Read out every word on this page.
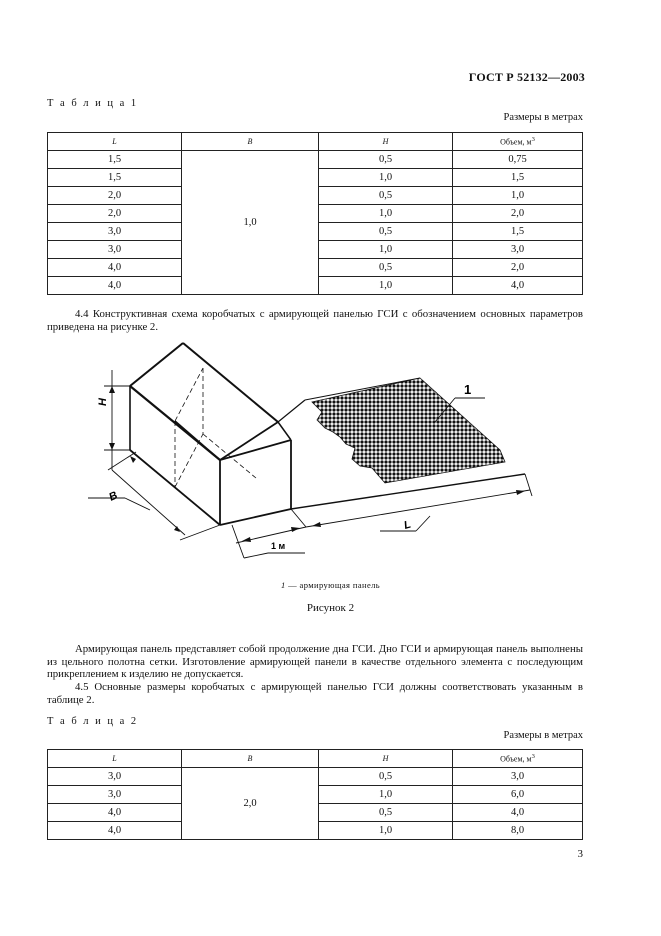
ГОСТ Р 52132—2003
Т а б л и ц а 1
Размеры в метрах
L	B	H	Объем, $м^3$
1,5	1,0	0,5	0,75
1,5		1,0	1,5
2,0		0,5	1,0
2,0		1,0	2,0
3,0		0,5	1,5
3,0		1,0	3,0
4,0		0,5	2,0
4,0		1,0	4,0
4.4 Конструктивная схема коробчатых с армирующей панелью ГСИ с обозначением основных параметров приведена на рисунке 2.
H
B
1 м
L
1
1 — армирующая панель
Рисунок 2
Армирующая панель представляет собой продолжение дна ГСИ. Дно ГСИ и армирующая панель выполнены из цельного полотна сетки. Изготовление армирующей панели в качестве отдельного элемента с последующим прикреплением к изделию не допускается.
4.5 Основные размеры коробчатых с армирующей панелью ГСИ должны соответствовать указанным в таблице 2.
Т а б л и ц а 2
Размеры в метрах
L	B	H	Объем, $м^3$
3,0	2,0	0,5	3,0
3,0		1,0	6,0
4,0		0,5	4,0
4,0		1,0	8,0
3
